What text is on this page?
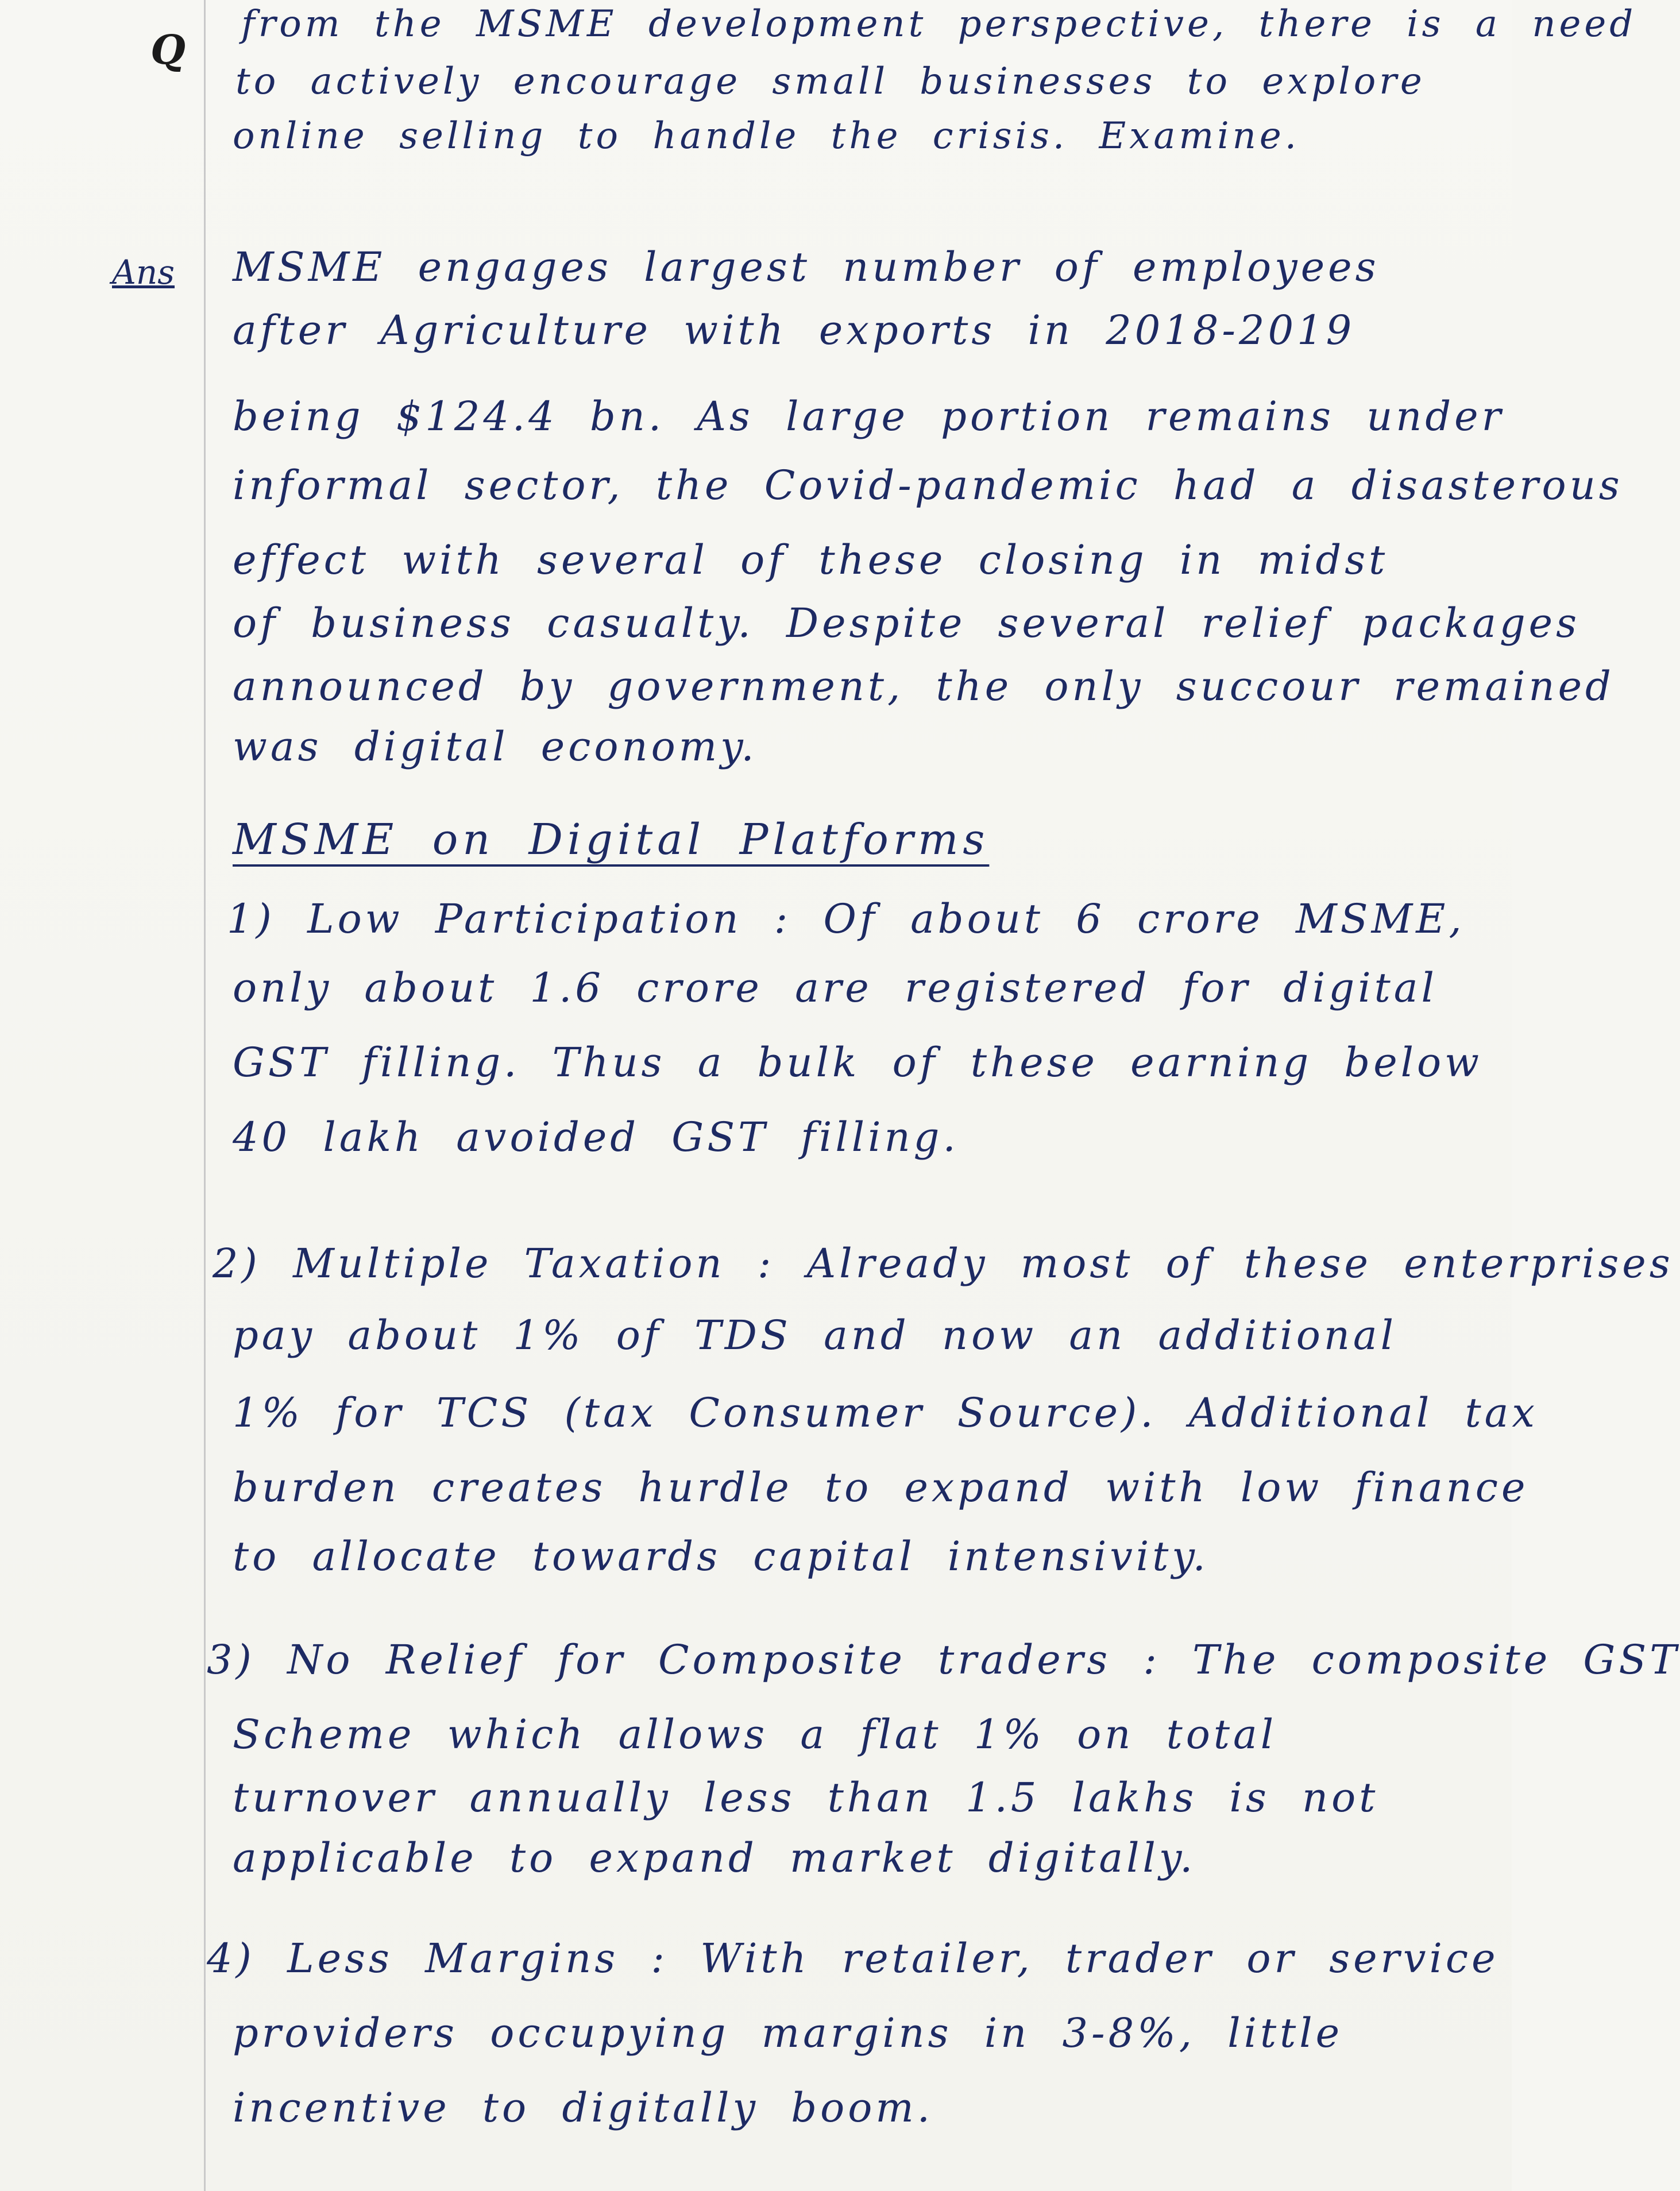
Q
Ans
from the MSME development perspective, there is a need
to actively encourage small businesses to explore
online selling to handle the crisis. Examine.
MSME engages largest number of employees
after Agriculture with exports in 2018-2019
being $124.4 bn. As large portion remains under
informal sector, the Covid-pandemic had a disasterous
effect with several of these closing in midst
of business casualty. Despite several relief packages
announced by government, the only succour remained
was digital economy.
MSME on Digital Platforms
1) Low Participation : Of about 6 crore MSME,
only about 1.6 crore are registered for digital
GST filling. Thus a bulk of these earning below
40 lakh avoided GST filling.
2) Multiple Taxation : Already most of these enterprises
pay about 1% of TDS and now an additional
1% for TCS (tax Consumer Source). Additional tax
burden creates hurdle to expand with low finance
to allocate towards capital intensivity.
3) No Relief for Composite traders : The composite GST
Scheme which allows a flat 1% on total
turnover annually less than 1.5 lakhs is not
applicable to expand market digitally.
4) Less Margins : With retailer, trader or service
providers occupying margins in 3-8%, little
incentive to digitally boom.
